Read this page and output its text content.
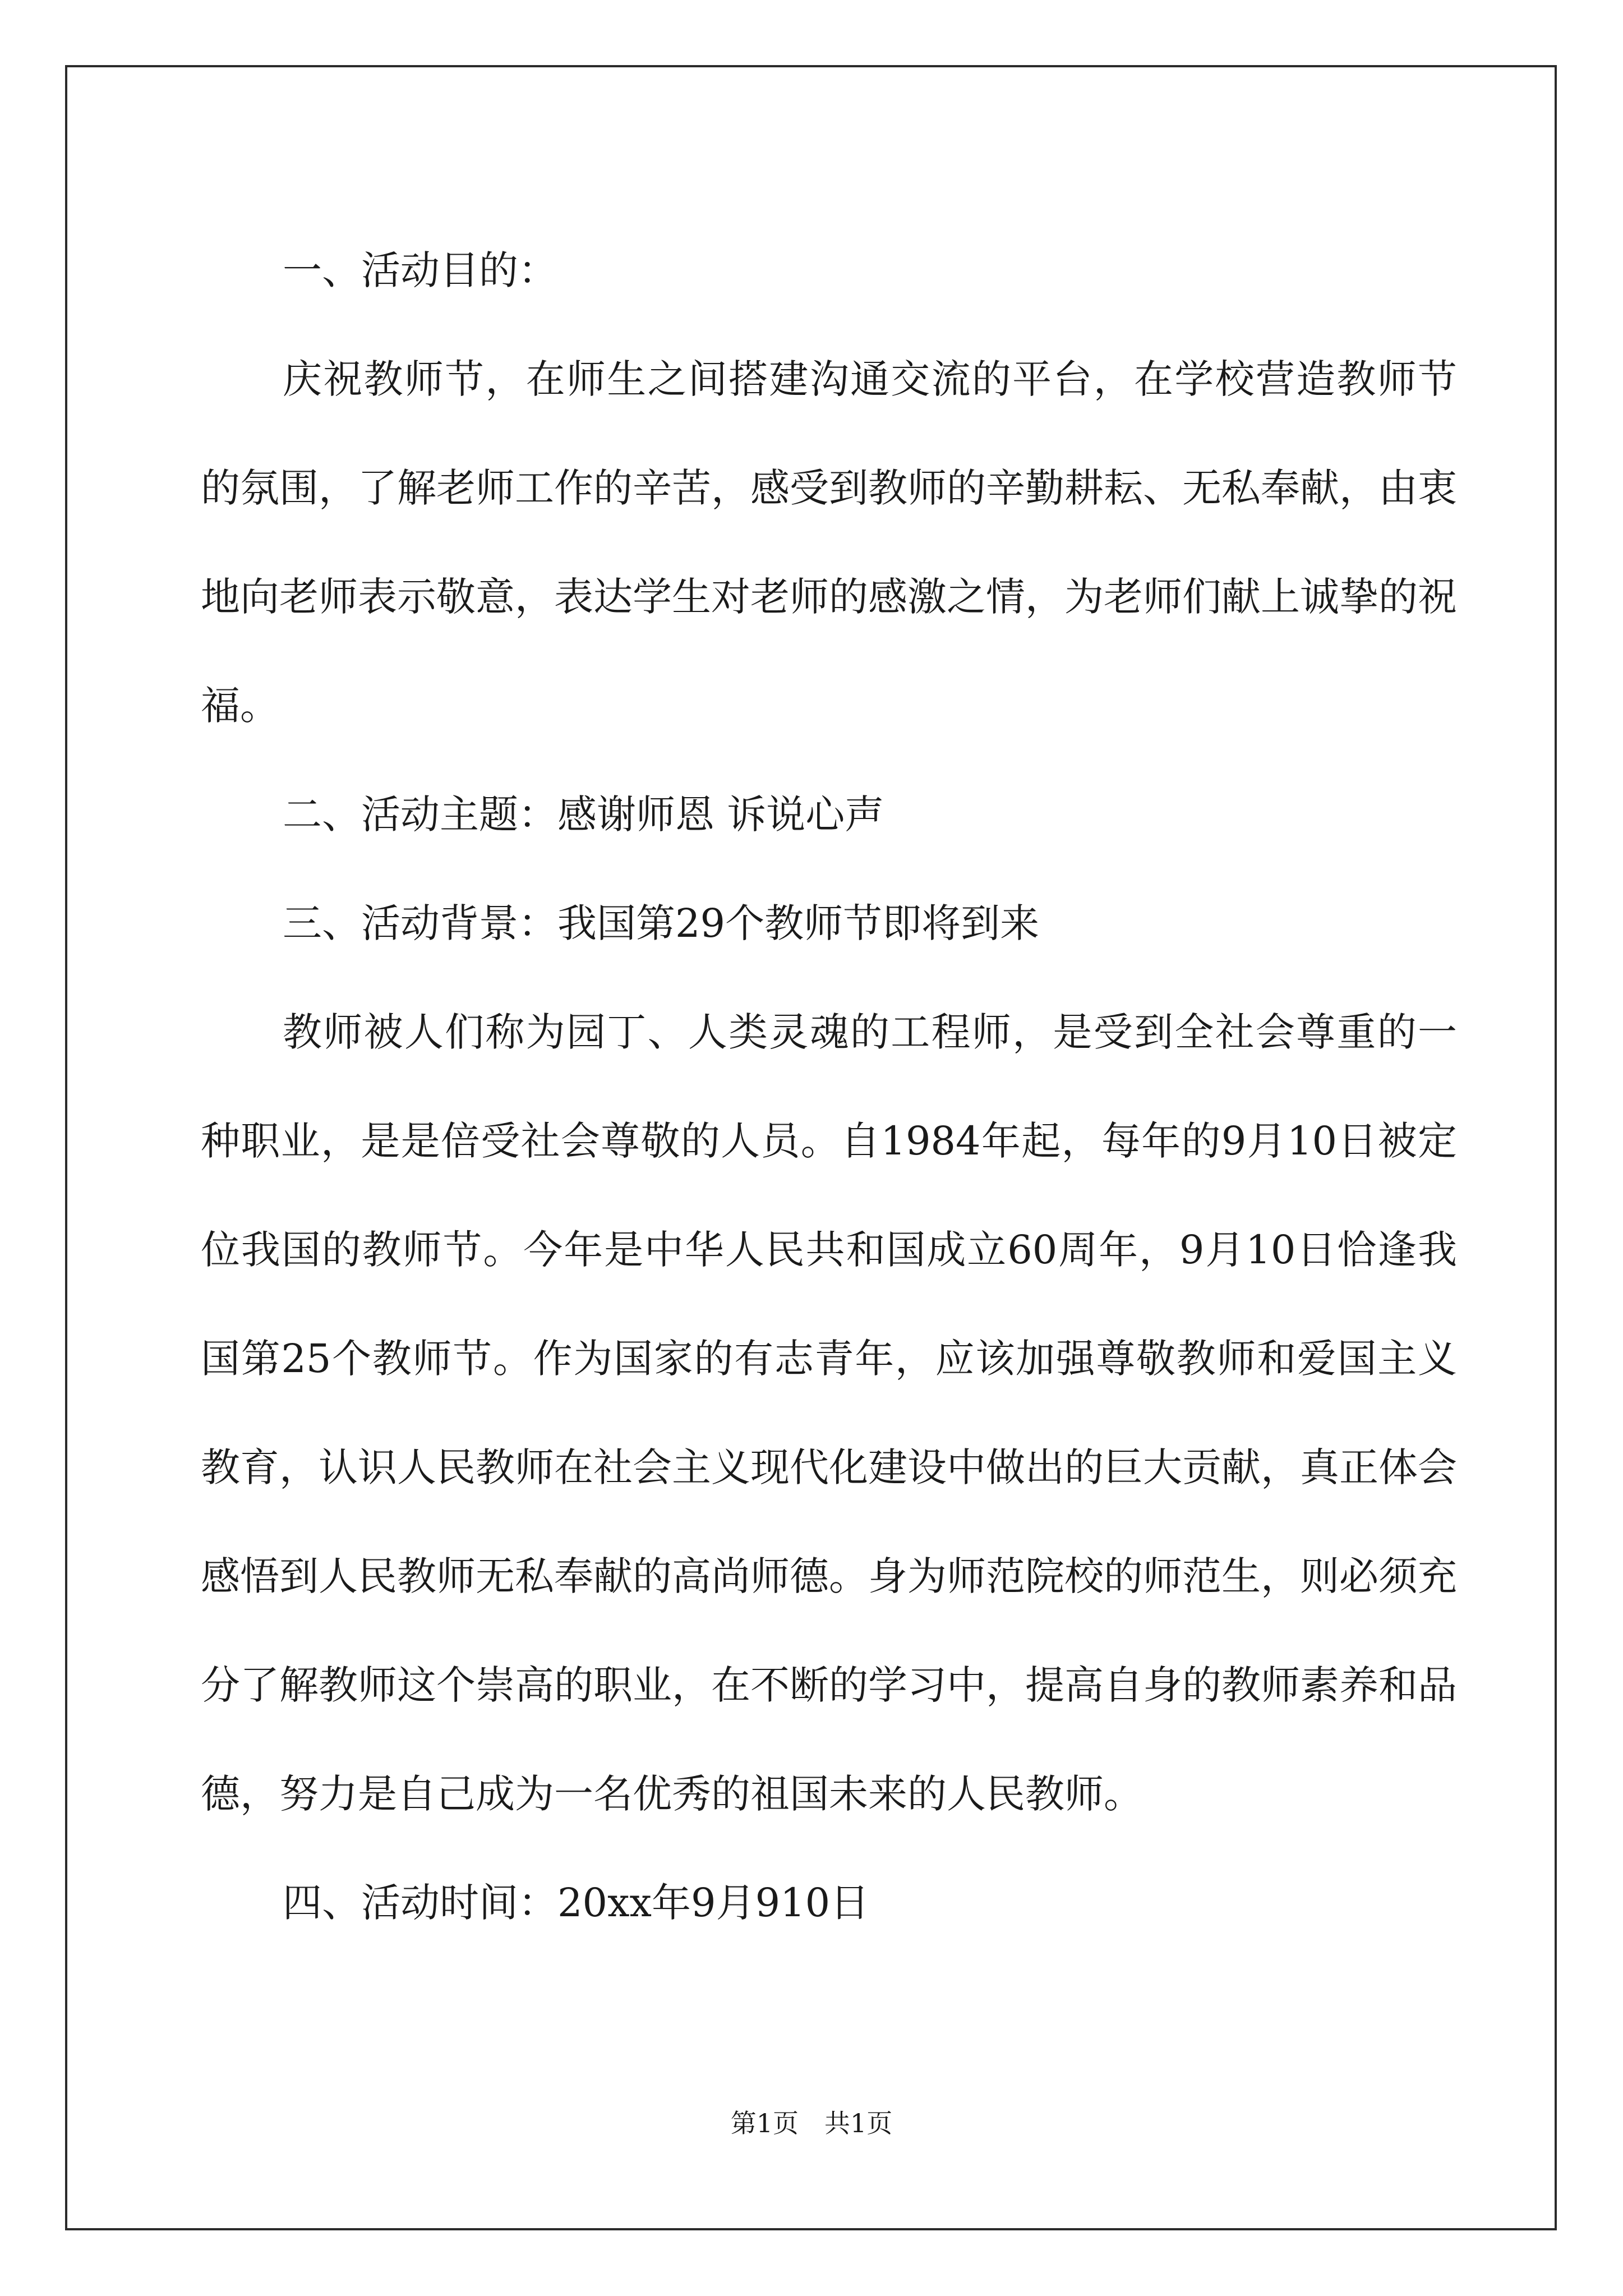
一、活动目的：

庆祝教师节，在师生之间搭建沟通交流的平台，在学校营造教师节的氛围，了解老师工作的辛苦，感受到教师的辛勤耕耘、无私奉献，由衷地向老师表示敬意，表达学生对老师的感激之情，为老师们献上诚挚的祝福。

二、活动主题：感谢师恩 诉说心声

三、活动背景：我国第29个教师节即将到来

教师被人们称为园丁、人类灵魂的工程师，是受到全社会尊重的一种职业，是是倍受社会尊敬的人员。自1984年起，每年的9月10日被定位我国的教师节。今年是中华人民共和国成立60周年，9月10日恰逢我国第25个教师节。作为国家的有志青年，应该加强尊敬教师和爱国主义教育，认识人民教师在社会主义现代化建设中做出的巨大贡献，真正体会感悟到人民教师无私奉献的高尚师德。身为师范院校的师范生，则必须充分了解教师这个崇高的职业，在不断的学习中，提高自身的教师素养和品德，努力是自己成为一名优秀的祖国未来的人民教师。

四、活动时间：20xx年9月910日

第1页　共1页
